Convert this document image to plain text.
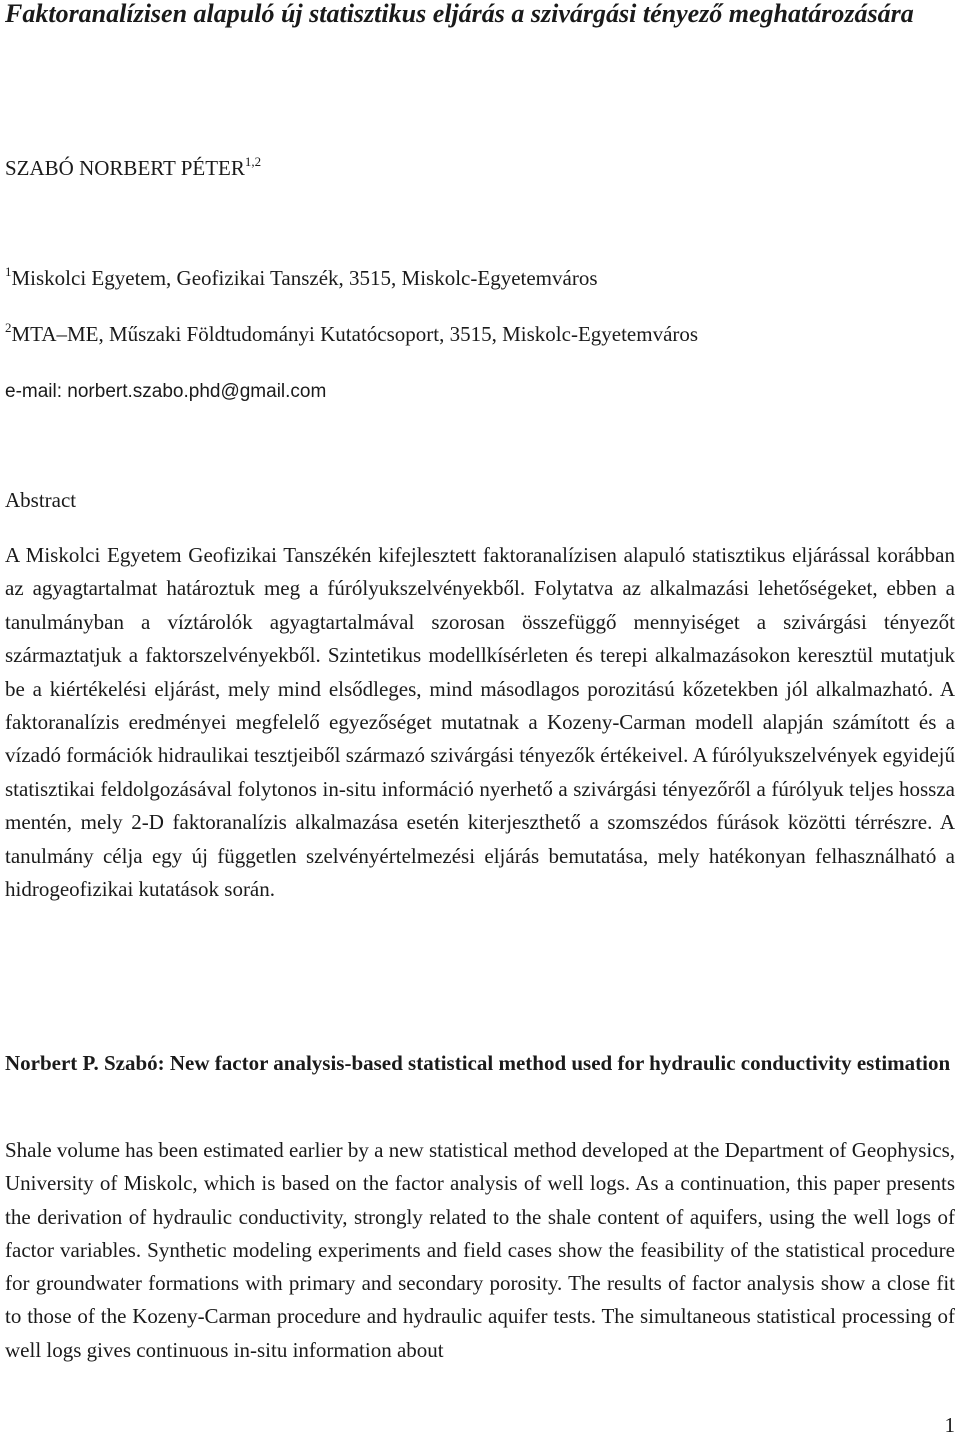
Faktoranalízisen alapuló új statisztikus eljárás a szivárgási tényező meghatározására

SZABÓ NORBERT PÉTER$^{1,2}$

$^1$Miskolci Egyetem, Geofizikai Tanszék, 3515, Miskolc-Egyetemváros

$^2$MTA–ME, Műszaki Földtudományi Kutatócsoport, 3515, Miskolc-Egyetemváros

e-mail: norbert.szabo.phd@gmail.com

Abstract

A Miskolci Egyetem Geofizikai Tanszékén kifejlesztett faktoranalízisen alapuló statisztikus eljárással korábban az agyagtartalmat határoztuk meg a fúrólyukszelvényekből. Folytatva az alkalmazási lehetőségeket, ebben a tanulmányban a víztárolók agyagtartalmával szorosan összefüggő mennyiséget a szivárgási tényezőt származtatjuk a faktorszelvényekből. Szintetikus modellkísérleten és terepi alkalmazásokon keresztül mutatjuk be a kiértékelési eljárást, mely mind elsődleges, mind másodlagos porozitású kőzetekben jól alkalmazható. A faktoranalízis eredményei megfelelő egyezőséget mutatnak a Kozeny-Carman modell alapján számított és a vízadó formációk hidraulikai tesztjeiből származó szivárgási tényezők értékeivel. A fúrólyukszelvények egyidejű statisztikai feldolgozásával folytonos in-situ információ nyerhető a szivárgási tényezőről a fúrólyuk teljes hossza mentén, mely 2-D faktoranalízis alkalmazása esetén kiterjeszthető a szomszédos fúrások közötti térrészre. A tanulmány célja egy új független szelvényértelmezési eljárás bemutatása, mely hatékonyan felhasználható a hidrogeofizikai kutatások során.

Norbert P. Szabó: New factor analysis-based statistical method used for hydraulic conductivity estimation

Shale volume has been estimated earlier by a new statistical method developed at the Department of Geophysics, University of Miskolc, which is based on the factor analysis of well logs. As a continuation, this paper presents the derivation of hydraulic conductivity, strongly related to the shale content of aquifers, using the well logs of factor variables. Synthetic modeling experiments and field cases show the feasibility of the statistical procedure for groundwater formations with primary and secondary porosity. The results of factor analysis show a close fit to those of the Kozeny-Carman procedure and hydraulic aquifer tests. The simultaneous statistical processing of well logs gives continuous in-situ information about

1
